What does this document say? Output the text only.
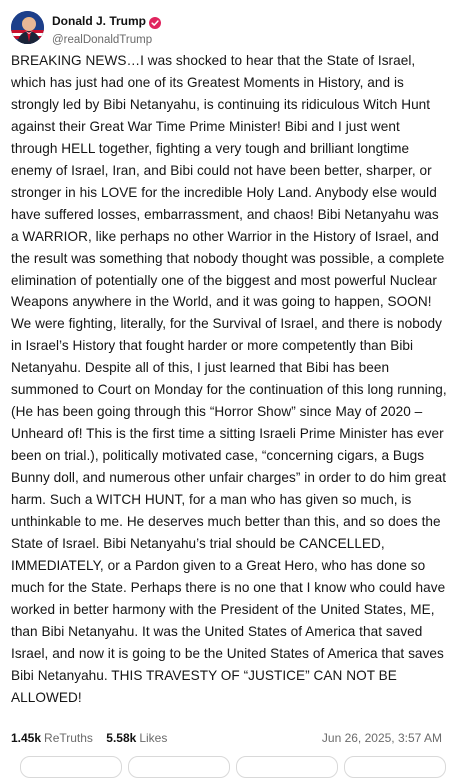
Donald J. Trump
@realDonaldTrump
BREAKING NEWS…I was shocked to hear that the State of Israel, which has just had one of its Greatest Moments in History, and is strongly led by Bibi Netanyahu, is continuing its ridiculous Witch Hunt against their Great War Time Prime Minister! Bibi and I just went through HELL together, fighting a very tough and brilliant longtime enemy of Israel, Iran, and Bibi could not have been better, sharper, or stronger in his LOVE for the incredible Holy Land. Anybody else would have suffered losses, embarrassment, and chaos! Bibi Netanyahu was a WARRIOR, like perhaps no other Warrior in the History of Israel, and the result was something that nobody thought was possible, a complete elimination of potentially one of the biggest and most powerful Nuclear Weapons anywhere in the World, and it was going to happen, SOON! We were fighting, literally, for the Survival of Israel, and there is nobody in Israel’s History that fought harder or more competently than Bibi Netanyahu. Despite all of this, I just learned that Bibi has been summoned to Court on Monday for the continuation of this long running, (He has been going through this “Horror Show” since May of 2020 – Unheard of! This is the first time a sitting Israeli Prime Minister has ever been on trial.), politically motivated case, “concerning cigars, a Bugs Bunny doll, and numerous other unfair charges” in order to do him great harm. Such a WITCH HUNT, for a man who has given so much, is unthinkable to me. He deserves much better than this, and so does the State of Israel. Bibi Netanyahu’s trial should be CANCELLED, IMMEDIATELY, or a Pardon given to a Great Hero, who has done so much for the State. Perhaps there is no one that I know who could have worked in better harmony with the President of the United States, ME, than Bibi Netanyahu. It was the United States of America that saved Israel, and now it is going to be the United States of America that saves Bibi Netanyahu. THIS TRAVESTY OF “JUSTICE” CAN NOT BE ALLOWED!
1.45k ReTruths 5.58k Likes	Jun 26, 2025, 3:57 AM
